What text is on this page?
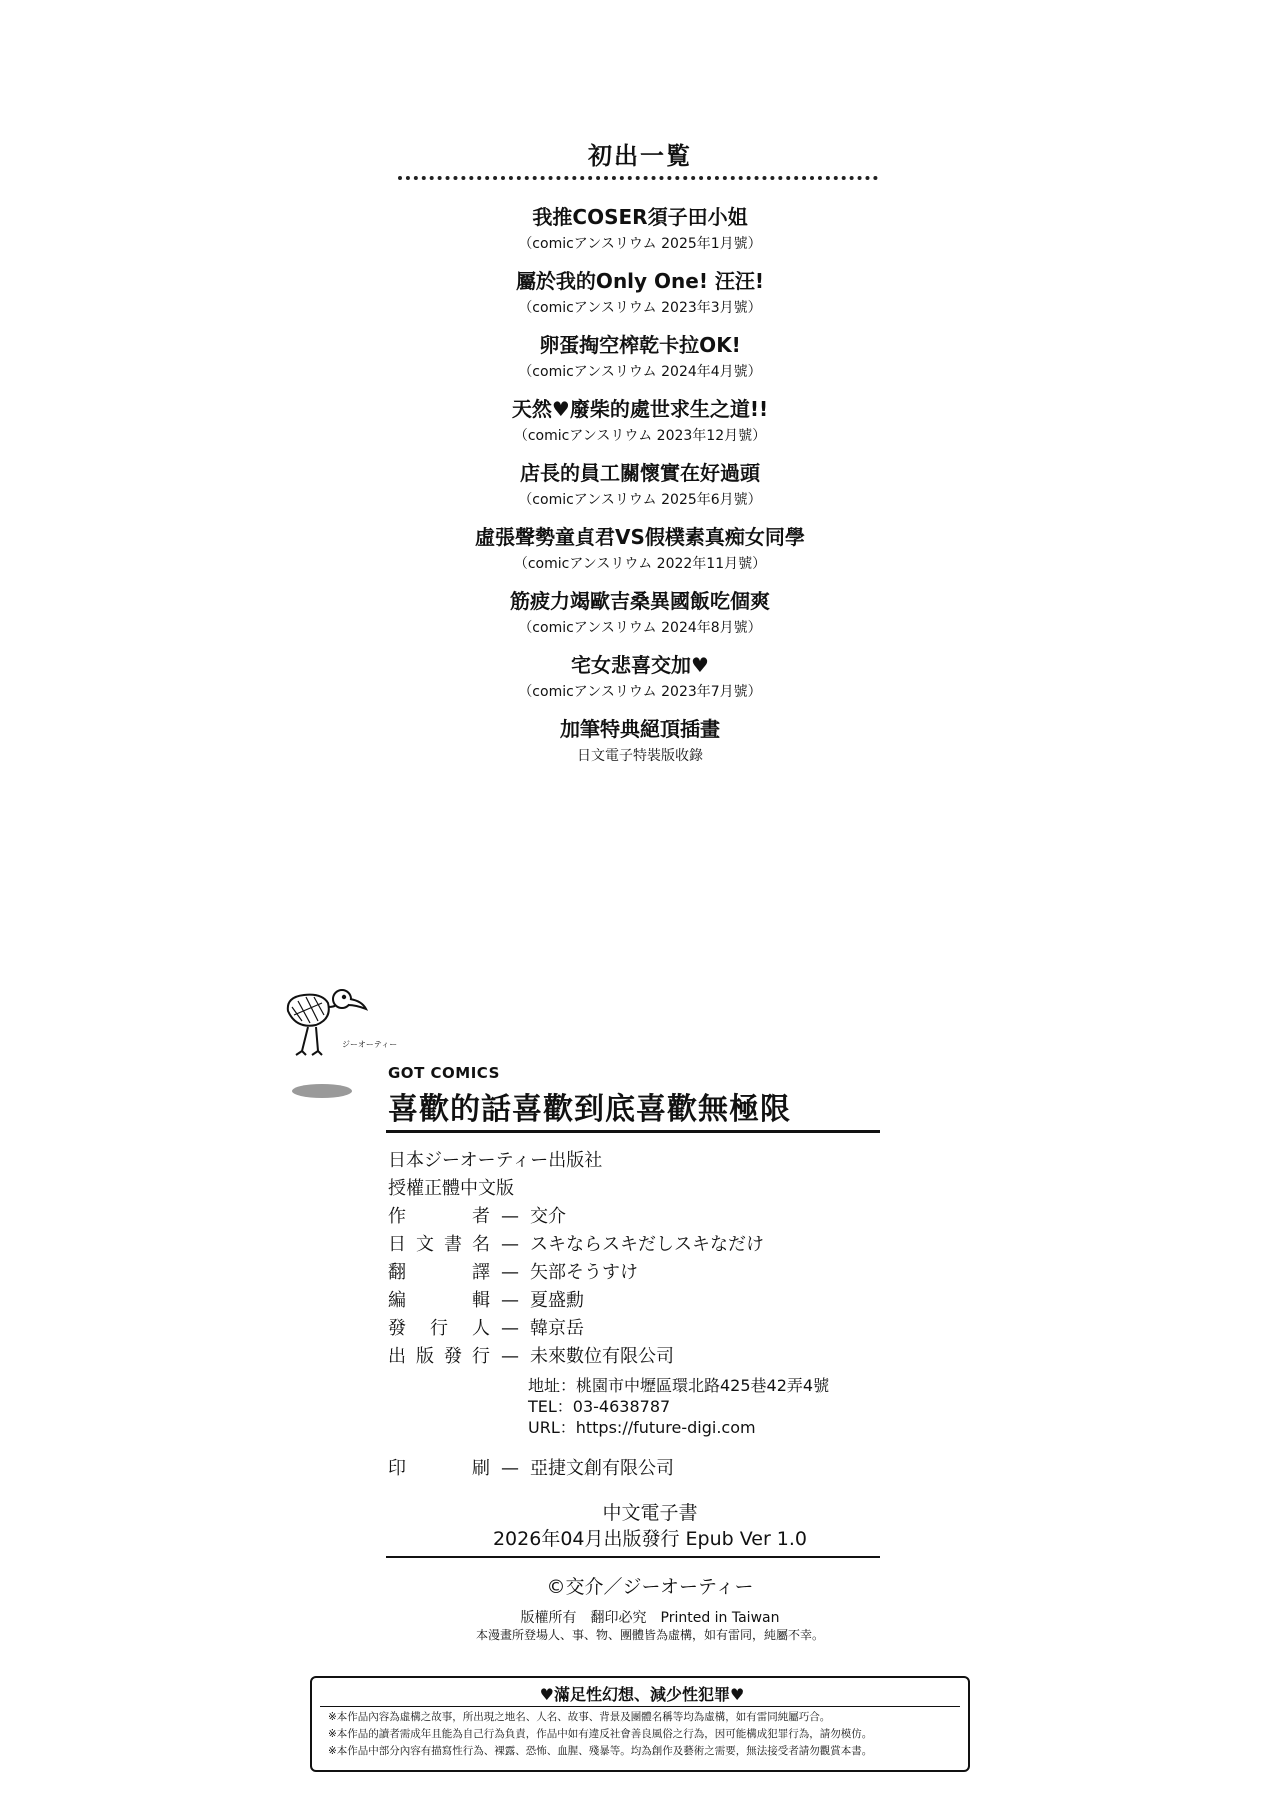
初出一覧
我推COSER須子田小姐
（comicアンスリウム 2025年1月號）
屬於我的Only One! 汪汪!
（comicアンスリウム 2023年3月號）
卵蛋掏空榨乾卡拉OK!
（comicアンスリウム 2024年4月號）
天然♥廢柴的處世求生之道!!
（comicアンスリウム 2023年12月號）
店長的員工關懷實在好過頭
（comicアンスリウム 2025年6月號）
虛張聲勢童貞君VS假樸素真痴女同學
（comicアンスリウム 2022年11月號）
筋疲力竭歐吉桑異國飯吃個爽
（comicアンスリウム 2024年8月號）
宅女悲喜交加♥
（comicアンスリウム 2023年7月號）
加筆特典絕頂插畫
日文電子特裝版收錄
ジーオーティー
GOT COMICS
喜歡的話喜歡到底喜歡無極限
日本ジーオーティー出版社
授權正體中文版
作者 — 交介
日文書名 — スキならスキだしスキなだけ
翻譯 — 矢部そうすけ
編輯 — 夏盛勳
發行人 — 韓京岳
出版發行 — 未來數位有限公司
地址：桃園市中壢區環北路425巷42弄4號
TEL：03-4638787
URL：https://future-digi.com
印刷 — 亞捷文創有限公司
中文電子書
2026年04月出版發行 Epub Ver 1.0
©交介／ジーオーティー
版權所有　翻印必究　Printed in Taiwan
本漫畫所登場人、事、物、團體皆為虛構，如有雷同，純屬不幸。
♥滿足性幻想、減少性犯罪♥
※本作品內容為虛構之故事，所出現之地名、人名、故事、背景及團體名稱等均為虛構，如有雷同純屬巧合。
※本作品的讀者需成年且能為自己行為負責，作品中如有違反社會善良風俗之行為，因可能構成犯罪行為，請勿模仿。
※本作品中部分內容有描寫性行為、裸露、恐怖、血腥、殘暴等。均為創作及藝術之需要，無法接受者請勿觀賞本書。
